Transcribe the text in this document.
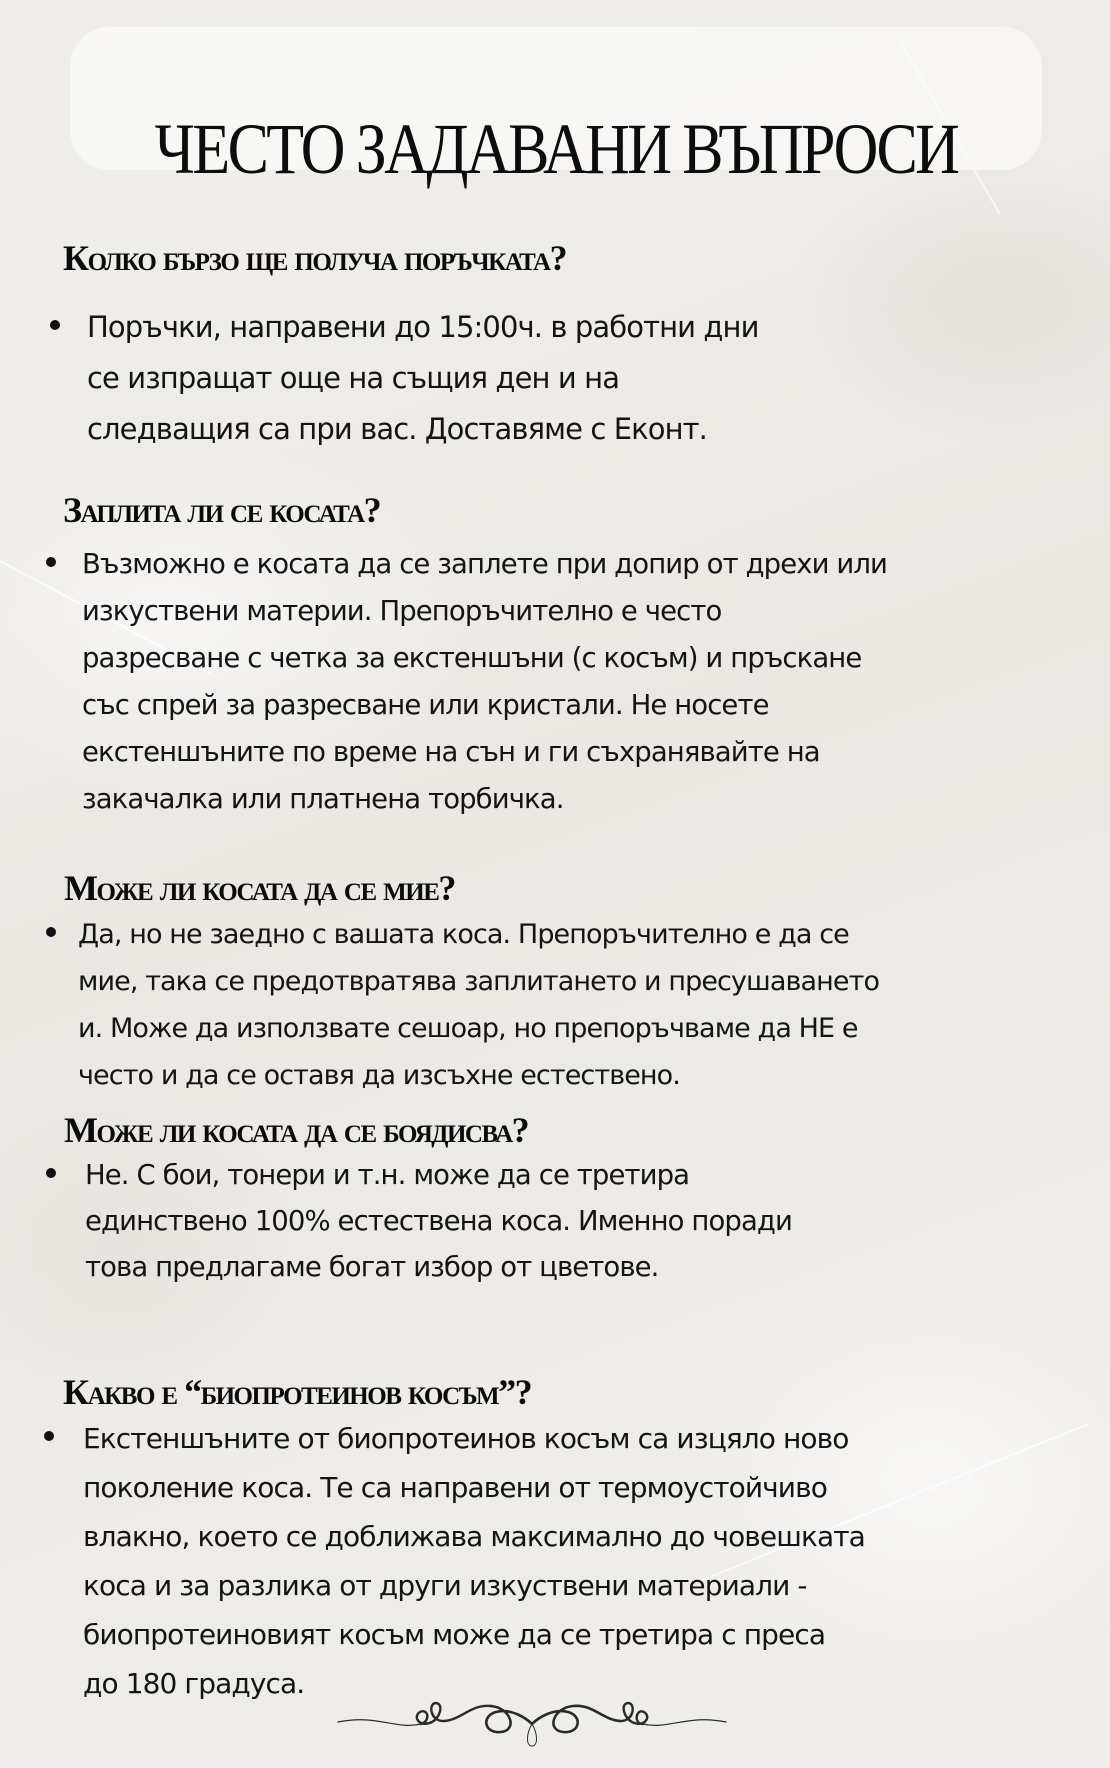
ЧЕСТО ЗАДАВАНИ ВЪПРОСИ
Колко бързо ще получа поръчката?
Поръчки, направени до 15:00ч. в работни дни
се изпращат още на същия ден и на
следващия са при вас. Доставяме с Еконт.
Заплита ли се косата?
Възможно е косата да се заплете при допир от дрехи или
изкуствени материи. Препоръчително е често
разресване с четка за екстеншъни (с косъм) и пръскане
със спрей за разресване или кристали. Не носете
екстеншъните по време на сън и ги съхранявайте на
закачалка или платнена торбичка.
Може ли косата да се мие?
Да, но не заедно с вашата коса. Препоръчително е да се
мие, така се предотвратява заплитането и пресушаването
и. Може да използвате сешоар, но препоръчваме да НЕ е
често и да се оставя да изсъхне естествено.
Може ли косата да се боядисва?
Не. С бои, тонери и т.н. може да се третира
единствено 100% естествена коса. Именно поради
това предлагаме богат избор от цветове.
Какво е “биопротеинов косъм”?
Екстеншъните от биопротеинов косъм са изцяло ново
поколение коса. Те са направени от термоустойчиво
влакно, което се доближава максимално до човешката
коса и за разлика от други изкуствени материали -
биопротеиновият косъм може да се третира с преса
до 180 градуса.
